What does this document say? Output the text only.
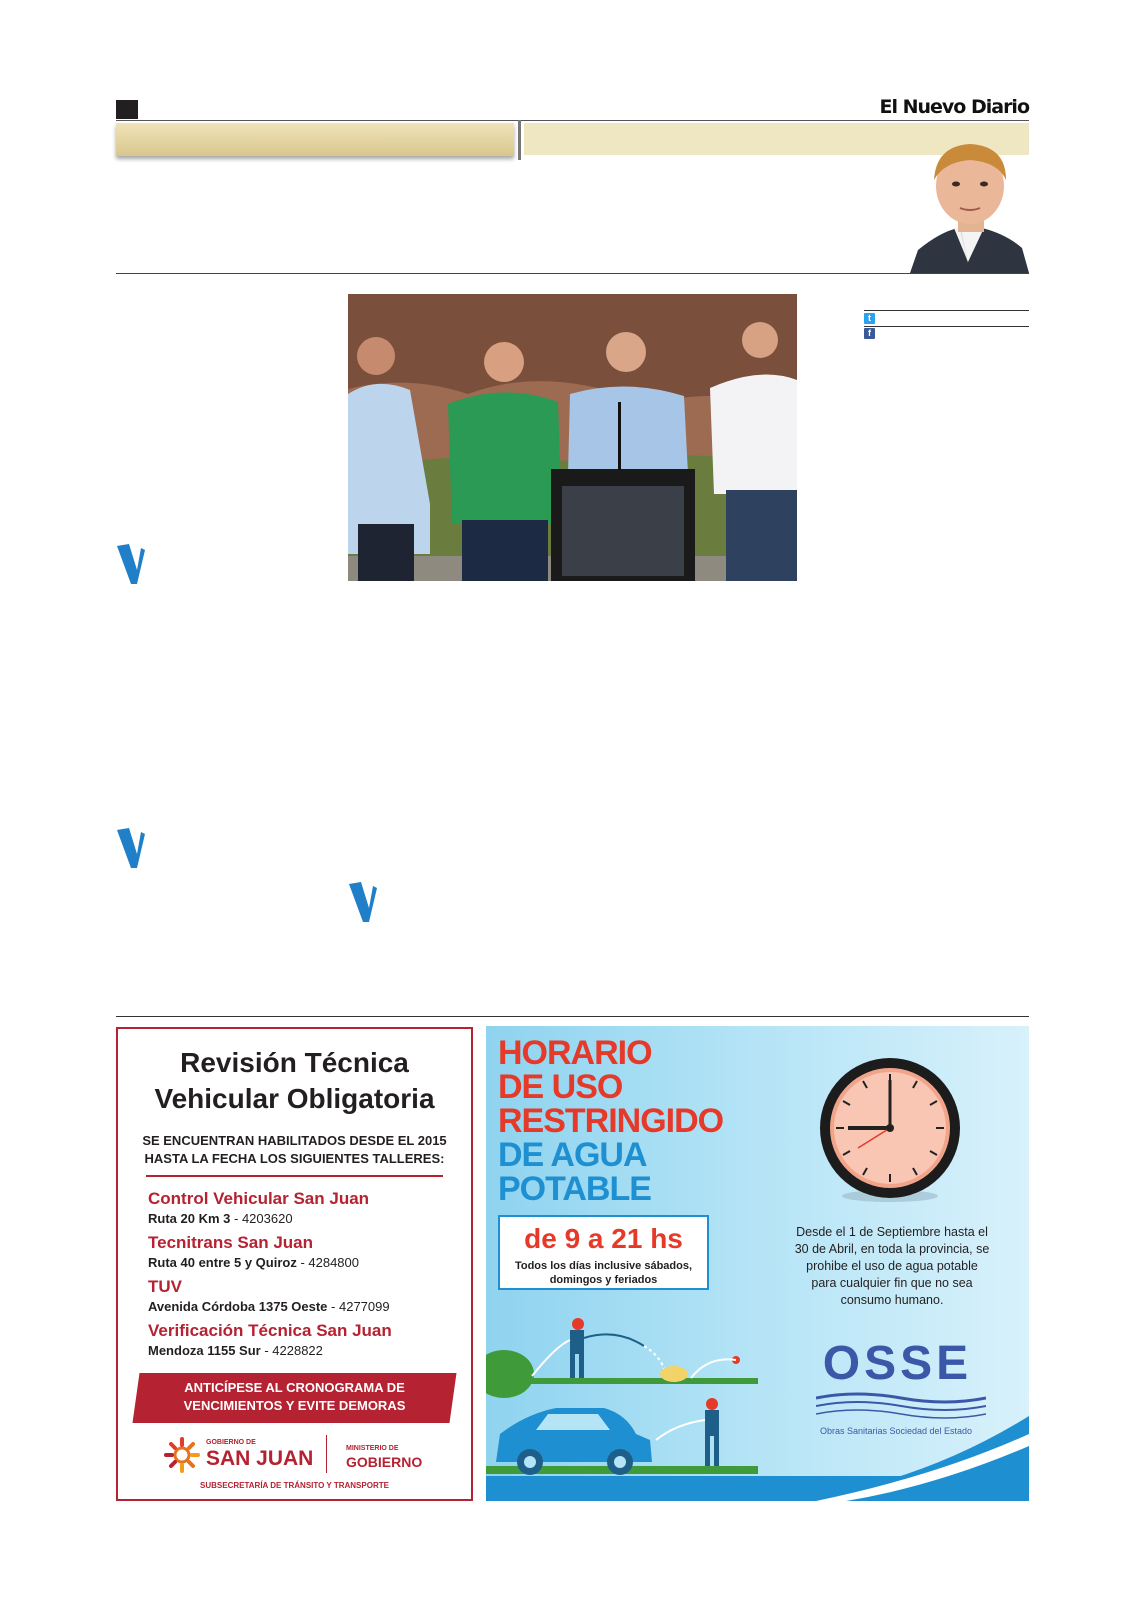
El Nuevo Diario
t
f
Revisión Técnica
Vehicular Obligatoria
SE ENCUENTRAN HABILITADOS DESDE EL 2015
HASTA LA FECHA LOS SIGUIENTES TALLERES:
Control Vehicular San Juan
Ruta 20 Km 3 - 4203620
Tecnitrans San Juan
Ruta 40 entre 5 y Quiroz - 4284800
TUV
Avenida Córdoba 1375 Oeste - 4277099
Verificación Técnica San Juan
Mendoza 1155 Sur - 4228822
ANTICÍPESE AL CRONOGRAMA DE
VENCIMIENTOS Y EVITE DEMORAS
GOBIERNO DE
SAN JUAN	MINISTERIO DE
GOBIERNO
SUBSECRETARÍA DE TRÁNSITO Y TRANSPORTE
HORARIO
DE USO
RESTRINGIDO
DE AGUA
POTABLE
de 9 a 21 hs
Todos los días inclusive sábados,
domingos y feriados
Desde el 1 de Septiembre hasta el 30 de Abril, en toda la provincia, se prohibe el uso de agua potable para cualquier fin que no sea consumo humano.
OSSE
Obras Sanitarias Sociedad del Estado
